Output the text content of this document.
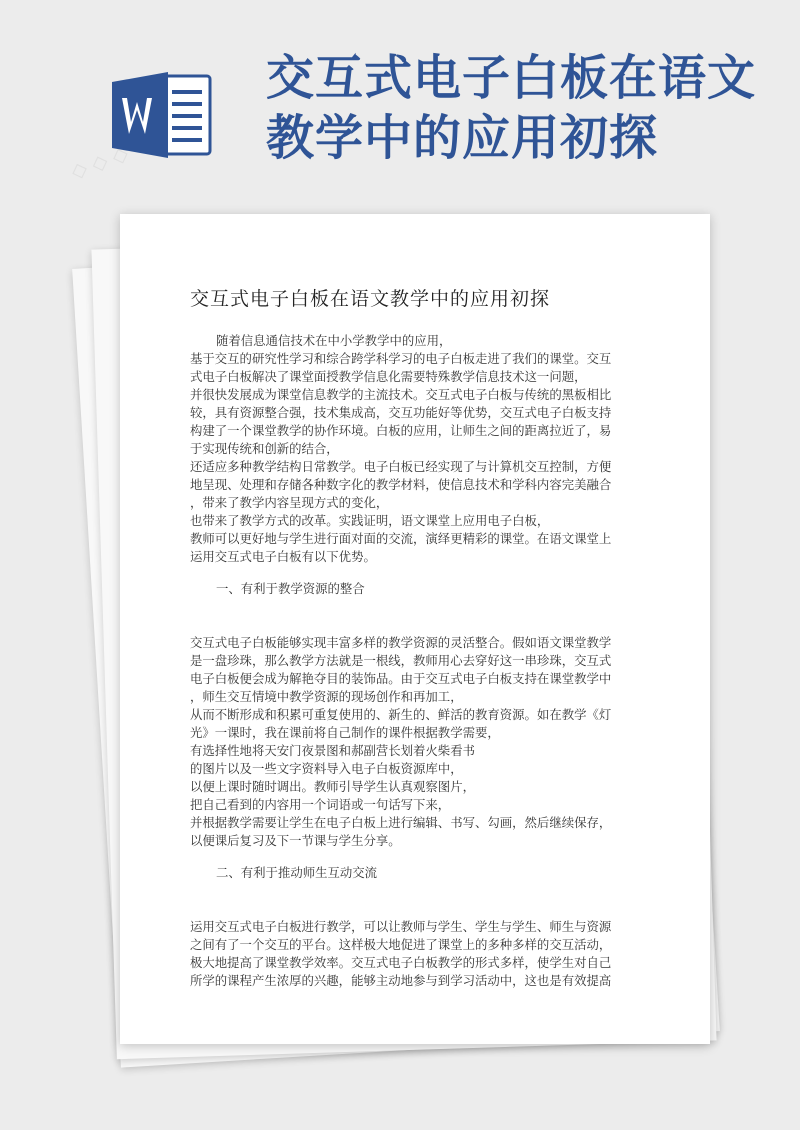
交互式电子白板在语文
教学中的应用初探
交互式电子白板在语文教学中的应用初探
随着信息通信技术在中小学教学中的应用，
基于交互的研究性学习和综合跨学科学习的电子白板走进了我们的课堂。交互
式电子白板解决了课堂面授教学信息化需要特殊教学信息技术这一问题，
并很快发展成为课堂信息教学的主流技术。交互式电子白板与传统的黑板相比
较，具有资源整合强，技术集成高，交互功能好等优势，交互式电子白板支持
构建了一个课堂教学的协作环境。白板的应用，让师生之间的距离拉近了，易
于实现传统和创新的结合，
还适应多种教学结构日常教学。电子白板已经实现了与计算机交互控制，方便
地呈现、处理和存储各种数字化的教学材料，使信息技术和学科内容完美融合
，带来了教学内容呈现方式的变化，
也带来了教学方式的改革。实践证明，语文课堂上应用电子白板，
教师可以更好地与学生进行面对面的交流，演绎更精彩的课堂。在语文课堂上
运用交互式电子白板有以下优势。
一、有利于教学资源的整合
交互式电子白板能够实现丰富多样的教学资源的灵活整合。假如语文课堂教学
是一盘珍珠，那么教学方法就是一根线，教师用心去穿好这一串珍珠，交互式
电子白板便会成为解艳夺目的装饰品。由于交互式电子白板支持在课堂教学中
，师生交互情境中教学资源的现场创作和再加工，
从而不断形成和积累可重复使用的、新生的、鲜活的教育资源。如在教学《灯
光》一课时，我在课前将自己制作的课件根据教学需要，
有选择性地将天安门夜景图和郝副营长划着火柴看书
的图片以及一些文字资料导入电子白板资源库中，
以便上课时随时调出。教师引导学生认真观察图片，
把自己看到的内容用一个词语或一句话写下来，
并根据教学需要让学生在电子白板上进行编辑、书写、勾画，然后继续保存，
以便课后复习及下一节课与学生分享。
二、有利于推动师生互动交流
运用交互式电子白板进行教学，可以让教师与学生、学生与学生、师生与资源
之间有了一个交互的平台。这样极大地促进了课堂上的多种多样的交互活动，
极大地提高了课堂教学效率。交互式电子白板教学的形式多样，使学生对自己
所学的课程产生浓厚的兴趣，能够主动地参与到学习活动中，这也是有效提高
◇ ◇ ◇
